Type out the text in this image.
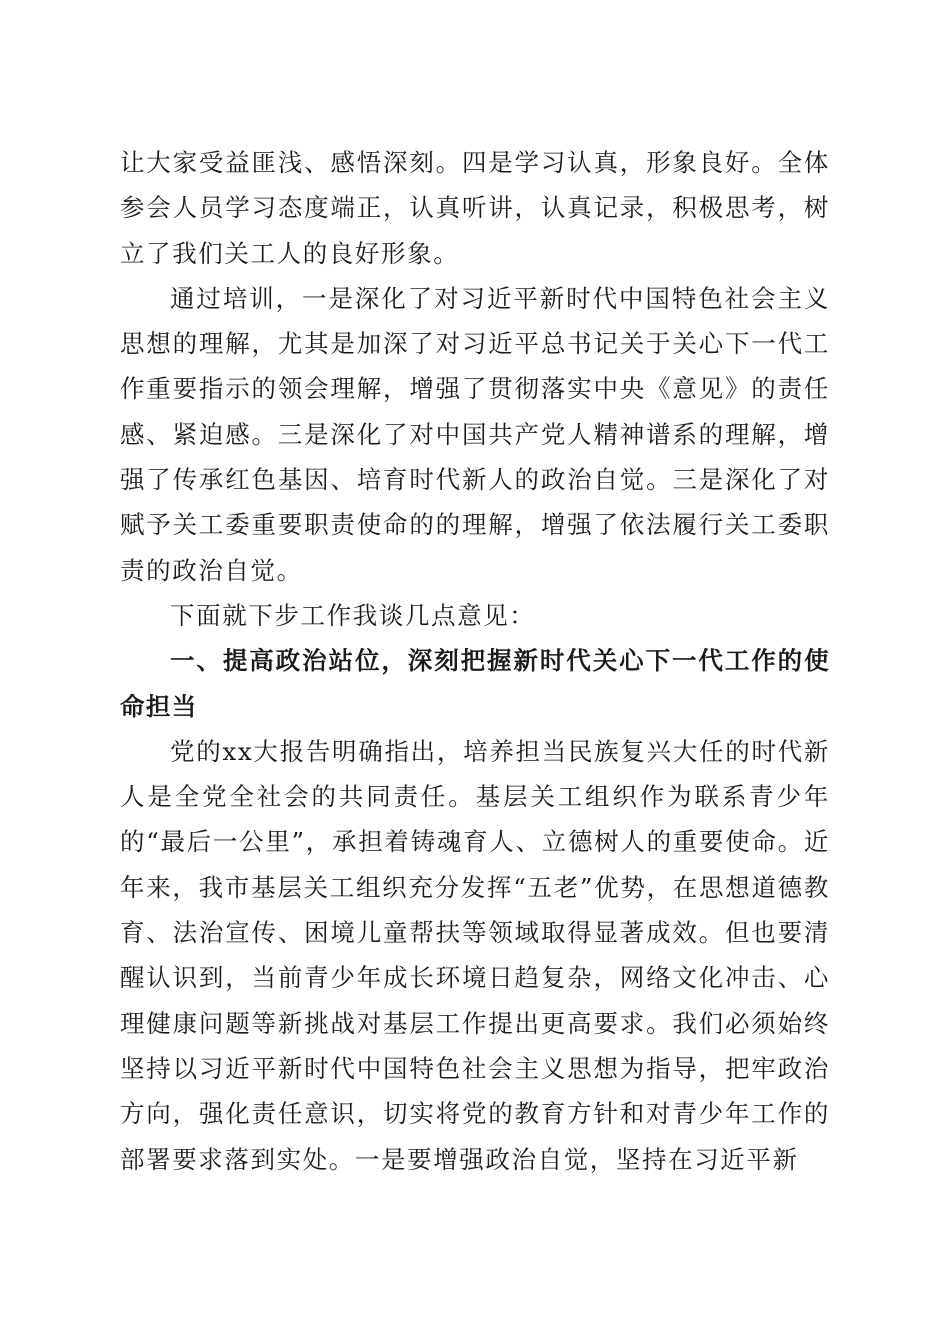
让大家受益匪浅、感悟深刻。四是学习认真，形象良好。全体参会人员学习态度端正，认真听讲，认真记录，积极思考，树立了我们关工人的良好形象。

通过培训，一是深化了对习近平新时代中国特色社会主义思想的理解，尤其是加深了对习近平总书记关于关心下一代工作重要指示的领会理解，增强了贯彻落实中央《意见》的责任感、紧迫感。三是深化了对中国共产党人精神谱系的理解，增强了传承红色基因、培育时代新人的政治自觉。三是深化了对赋予关工委重要职责使命的的理解，增强了依法履行关工委职责的政治自觉。

下面就下步工作我谈几点意见：

一、提高政治站位，深刻把握新时代关心下一代工作的使命担当

党的xx大报告明确指出，培养担当民族复兴大任的时代新人是全党全社会的共同责任。基层关工组织作为联系青少年的“最后一公里”，承担着铸魂育人、立德树人的重要使命。近年来，我市基层关工组织充分发挥“五老”优势，在思想道德教育、法治宣传、困境儿童帮扶等领域取得显著成效。但也要清醒认识到，当前青少年成长环境日趋复杂，网络文化冲击、心理健康问题等新挑战对基层工作提出更高要求。我们必须始终坚持以习近平新时代中国特色社会主义思想为指导，把牢政治方向，强化责任意识，切实将党的教育方针和对青少年工作的部署要求落到实处。一是要增强政治自觉，坚持在习近平新
